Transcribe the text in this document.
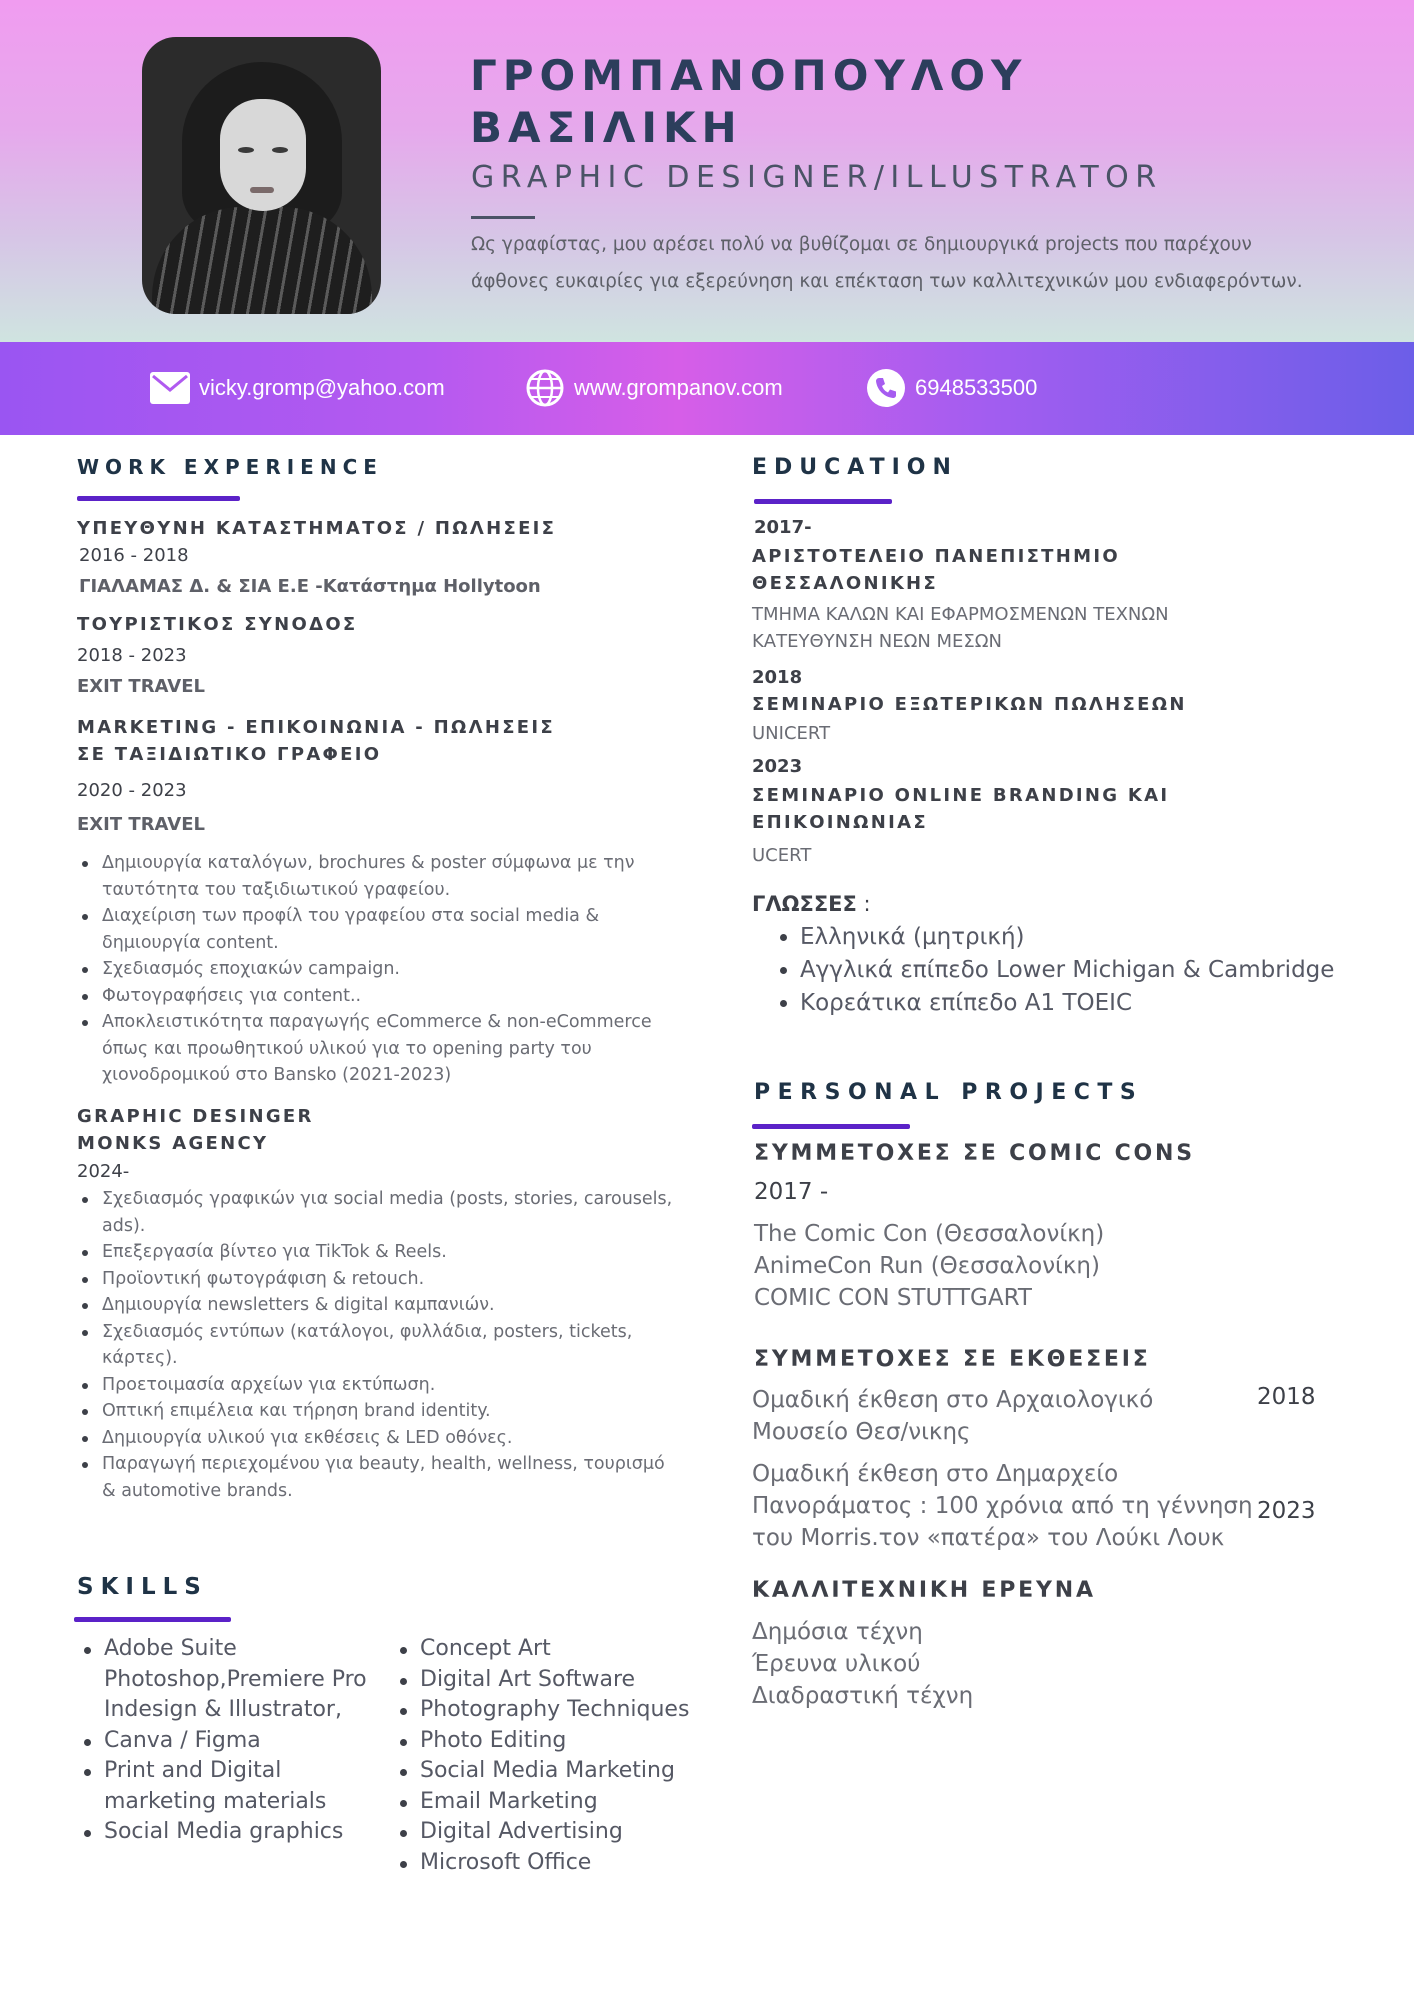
ΓΡΟΜΠΑΝΟΠΟΥΛΟΥ
ΒΑΣΙΛΙΚΗ
GRAPHIC DESIGNER/ILLUSTRATOR
Ως γραφίστας, μου αρέσει πολύ να βυθίζομαι σε δημιουργικά projects που παρέχουν άφθονες ευκαιρίες για εξερεύνηση και επέκταση των καλλιτεχνικών μου ενδιαφερόντων.
vicky.gromp@yahoo.com	www.grompanov.com	6948533500
WORK EXPERIENCE
ΥΠΕΥΘΥΝΗ ΚΑΤΑΣΤΗΜΑΤΟΣ / ΠΩΛΗΣΕΙΣ

2016 - 2018

ΓΙΑΛΑΜΑΣ Δ. & ΣΙΑ Ε.Ε -Κατάστημα Hollytoon

ΤΟΥΡΙΣΤΙΚΟΣ ΣΥΝΟΔΟΣ

2018 - 2023

EXIT TRAVEL

MARKETING - ΕΠΙΚΟΙΝΩΝΙΑ - ΠΩΛΗΣΕΙΣ
ΣΕ ΤΑΞΙΔΙΩΤΙΚΟ ΓΡΑΦΕΙΟ

2020 - 2023

EXIT TRAVEL

Δημιουργία καταλόγων, brochures & poster σύμφωνα με την ταυτότητα του ταξιδιωτικού γραφείου.
Διαχείριση των προφίλ του γραφείου στα social media & δημιουργία content.
Σχεδιασμός εποχιακών campaign.
Φωτογραφήσεις για content..
Αποκλειστικότητα παραγωγής eCommerce & non-eCommerce όπως και προωθητικού υλικού για το opening party του χιονοδρομικού στο Bansko (2021-2023)
GRAPHIC DESINGER
MONKS AGENCY

2024-

Σχεδιασμός γραφικών για social media (posts, stories, carousels, ads).
Επεξεργασία βίντεο για TikTok & Reels.
Προϊοντική φωτογράφιση & retouch.
Δημιουργία newsletters & digital καμπανιών.
Σχεδιασμός εντύπων (κατάλογοι, φυλλάδια, posters, tickets, κάρτες).
Προετοιμασία αρχείων για εκτύπωση.
Οπτική επιμέλεια και τήρηση brand identity.
Δημιουργία υλικού για εκθέσεις & LED οθόνες.
Παραγωγή περιεχομένου για beauty, health, wellness, τουρισμό & automotive brands.
SKILLS
Adobe Suite Photoshop,Premiere Pro Indesign & Illustrator,
Canva / Figma
Print and Digital marketing materials
Social Media graphics
Concept Art
Digital Art Software
Photography Techniques
Photo Editing
Social Media Marketing
Email Marketing
Digital Advertising
Microsoft Office
EDUCATION

2017-

ΑΡΙΣΤΟΤΕΛΕΙΟ ΠΑΝΕΠΙΣΤΗΜΙΟ
ΘΕΣΣΑΛΟΝΙΚΗΣ

ΤΜΗΜΑ ΚΑΛΩΝ ΚΑΙ ΕΦΑΡΜΟΣΜΕΝΩΝ ΤΕΧΝΩΝ
ΚΑΤΕΥΘΥΝΣΗ ΝΕΩΝ ΜΕΣΩΝ

2018

ΣΕΜΙΝΑΡΙΟ ΕΞΩΤΕΡΙΚΩΝ ΠΩΛΗΣΕΩΝ

UNICERT

2023

ΣΕΜΙΝΑΡΙΟ ONLINE BRANDING ΚΑΙ
ΕΠΙΚΟΙΝΩΝΙΑΣ

UCERT

ΓΛΩΣΣΕΣ :

Ελληνικά (μητρική)
Αγγλικά επίπεδο Lower Michigan & Cambridge
Κορεάτικα επίπεδο A1 TOEIC
PERSONAL PROJECTS
ΣΥΜΜΕΤΟΧΕΣ ΣΕ COMIC CONS

2017 -

The Comic Con (Θεσσαλονίκη)
AnimeCon Run (Θεσσαλονίκη)
COMIC CON STUTTGART

ΣΥΜΜΕΤΟΧΕΣ ΣΕ ΕΚΘΕΣΕΙΣ

Ομαδική έκθεση στο Αρχαιολογικό
Μουσείο Θεσ/νικης

2018

Ομαδική έκθεση στο Δημαρχείο
Πανοράματος : 100 χρόνια από τη γέννηση
του Morris.τον «πατέρα» του Λούκι Λουκ

2023

ΚΑΛΛΙΤΕΧΝΙΚΗ ΕΡΕΥΝΑ

Δημόσια τέχνη
Έρευνα υλικού
Διαδραστική τέχνη
